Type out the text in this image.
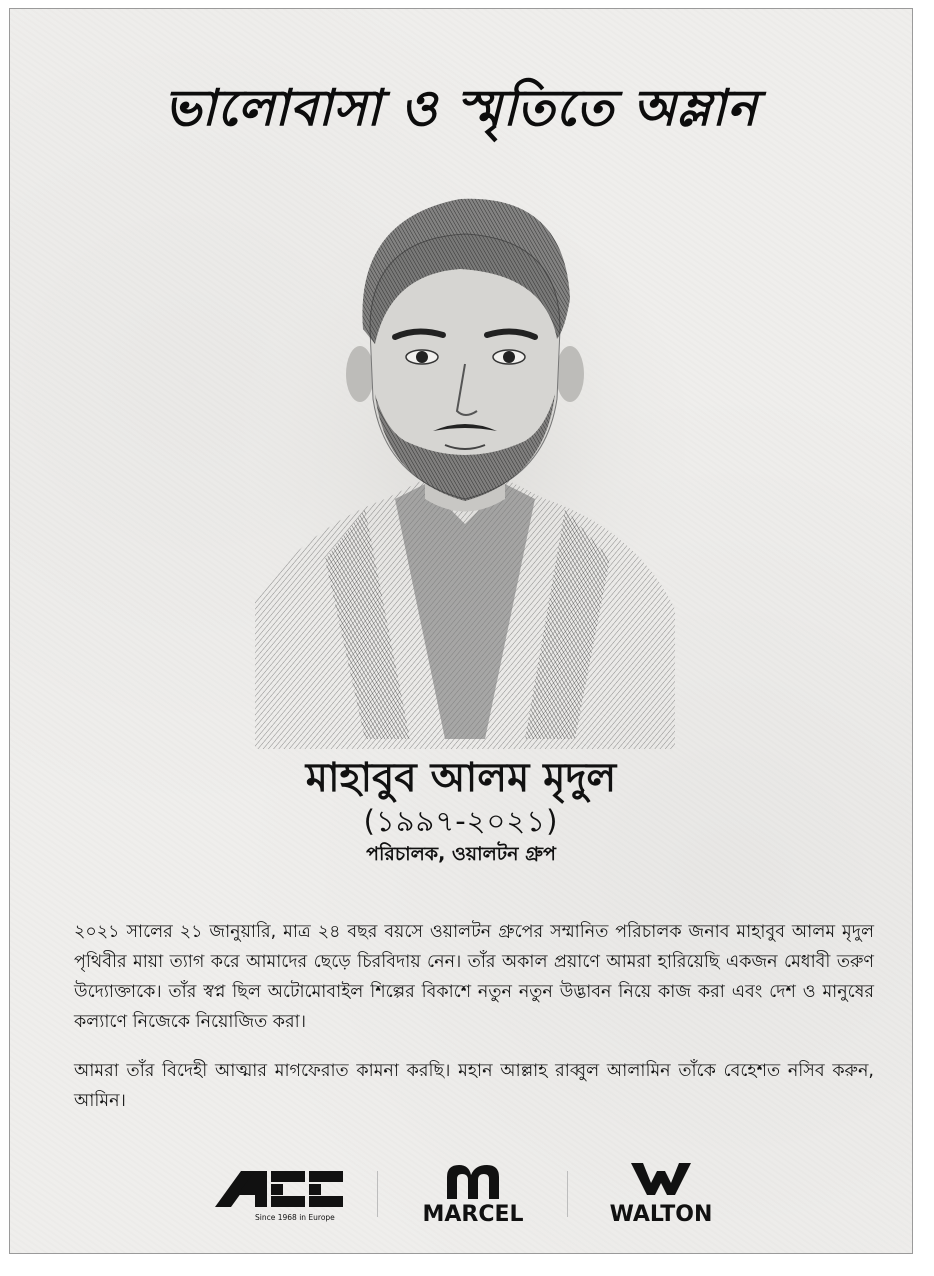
ভালোবাসা ও স্মৃতিতে অম্লান
মাহাবুব আলম মৃদুল
(১৯৯৭-২০২১)
পরিচালক, ওয়ালটন গ্রুপ
২০২১ সালের ২১ জানুয়ারি, মাত্র ২৪ বছর বয়সে ওয়ালটন গ্রুপের সম্মানিত পরিচালক জনাব মাহাবুব আলম মৃদুল পৃথিবীর মায়া ত্যাগ করে আমাদের ছেড়ে চিরবিদায় নেন। তাঁর অকাল প্রয়াণে আমরা হারিয়েছি একজন মেধাবী তরুণ উদ্যোক্তাকে। তাঁর স্বপ্ন ছিল অটোমোবাইল শিল্পের বিকাশে নতুন নতুন উদ্ভাবন নিয়ে কাজ করা এবং দেশ ও মানুষের কল্যাণে নিজেকে নিয়োজিত করা।
আমরা তাঁর বিদেহী আত্মার মাগফেরাত কামনা করছি। মহান আল্লাহ রাব্বুল আলামিন তাঁকে বেহেশত নসিব করুন, আমিন।
Since 1968 in Europe	MARCEL	WALTON
